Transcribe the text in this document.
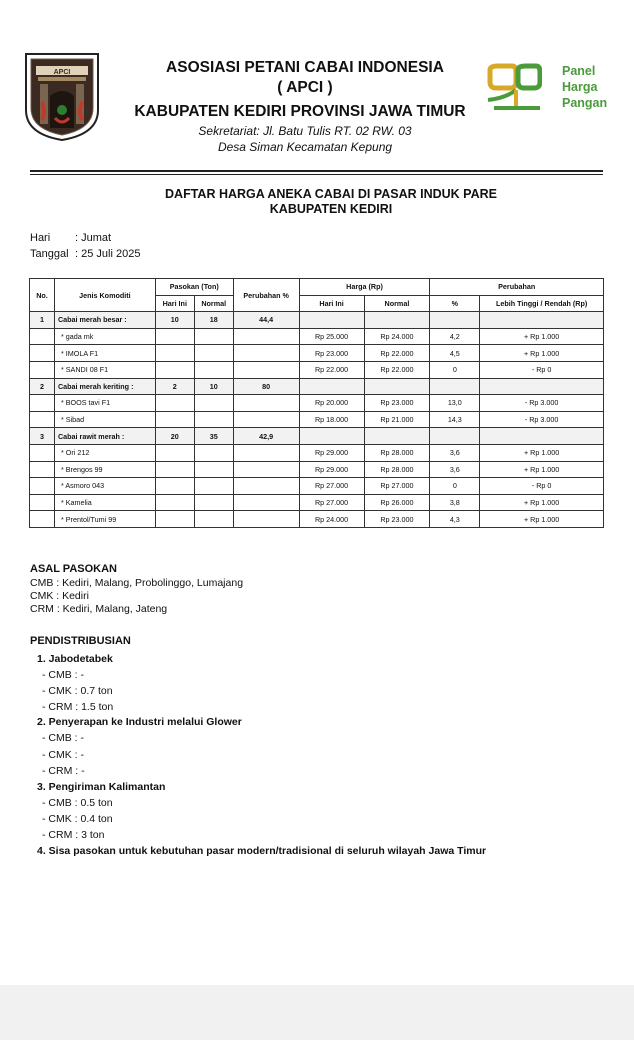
APCI	ASOSIASI PETANI CABAI INDONESIA
( APCI )
KABUPATEN KEDIRI PROVINSI JAWA TIMUR
Sekretariat: Jl. Batu Tulis RT. 02 RW. 03
Desa Siman Kecamatan Kepung
Panel
Harga
Pangan
DAFTAR HARGA ANEKA CABAI DI PASAR INDUK PARE
KABUPATEN KEDIRI
Hari : Jumat
Tanggal : 25 Juli 2025
No.	Jenis Komoditi	Pasokan (Ton)		Perubahan %	Harga (Rp)		Perubahan	
		Hari Ini	Normal		Hari Ini	Normal	%	Lebih Tinggi / Rendah (Rp)
1	Cabai merah besar :	10	18	44,4				
	* gada mk				Rp 25.000	Rp 24.000	4,2	+ Rp 1.000
	* IMOLA F1				Rp 23.000	Rp 22.000	4,5	+ Rp 1.000
	* SANDI 08 F1				Rp 22.000	Rp 22.000	0	- Rp 0
2	Cabai merah keriting :	2	10	80				
	* BOOS tavi F1				Rp 20.000	Rp 23.000	13,0	- Rp 3.000
	* Sibad				Rp 18.000	Rp 21.000	14,3	- Rp 3.000
3	Cabai rawit merah :	20	35	42,9				
	* Ori 212				Rp 29.000	Rp 28.000	3,6	+ Rp 1.000
	* Brengos 99				Rp 29.000	Rp 28.000	3,6	+ Rp 1.000
	* Asmoro 043				Rp 27.000	Rp 27.000	0	- Rp 0
	* Kamelia				Rp 27.000	Rp 26.000	3,8	+ Rp 1.000
	* Prentol/Tumi 99				Rp 24.000	Rp 23.000	4,3	+ Rp 1.000
ASAL PASOKAN
CMB : Kediri, Malang, Probolinggo, Lumajang
CMK : Kediri
CRM : Kediri, Malang, Jateng
PENDISTRIBUSIAN
1. Jabodetabek
- CMB : -
- CMK : 0.7 ton
- CRM : 1.5 ton
2. Penyerapan ke Industri melalui Glower
- CMB : -
- CMK : -
- CRM : -
3. Pengiriman Kalimantan
- CMB : 0.5 ton
- CMK : 0.4 ton
- CRM : 3 ton
4. Sisa pasokan untuk kebutuhan pasar modern/tradisional di seluruh wilayah Jawa Timur
